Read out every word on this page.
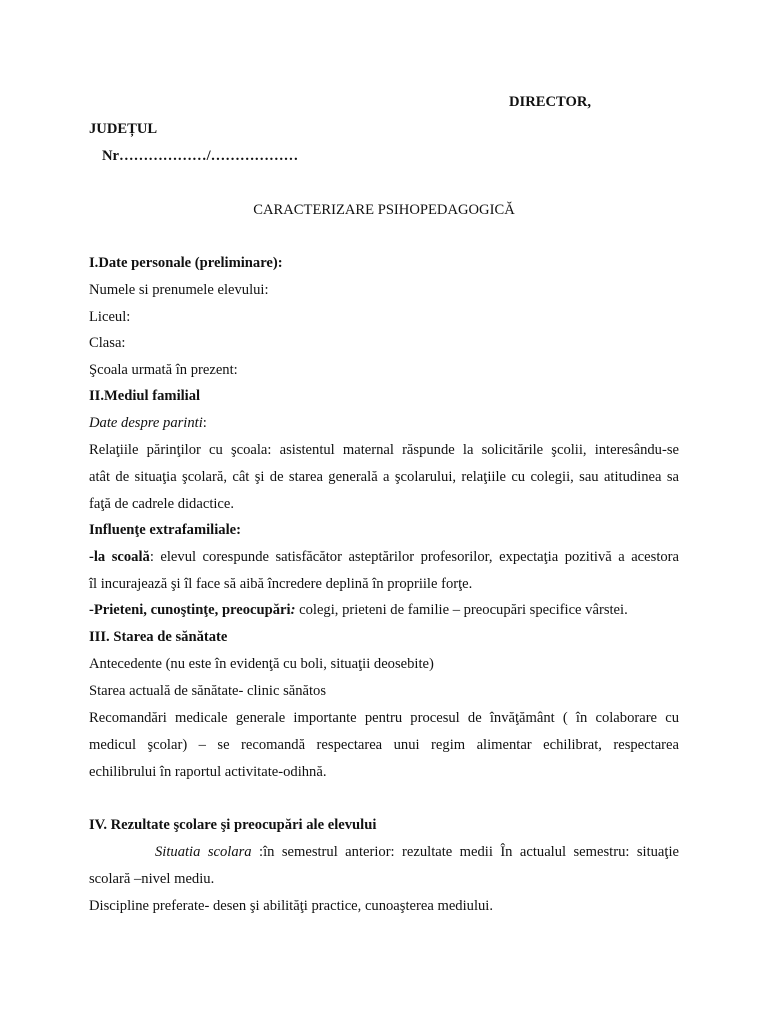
DIRECTOR,
JUDEȚUL
Nr………………/………………
CARACTERIZARE PSIHOPEDAGOGICĂ
I.Date personale (preliminare):
Numele si prenumele elevului:
Liceul:
Clasa:
Şcoala urmată în prezent:
II.Mediul familial
Date despre parinti:
Relaţiile părinţilor cu şcoala: asistentul maternal răspunde la solicitările şcolii, interesându-se
atât de situaţia şcolară, cât şi de starea generală a şcolarului, relaţiile cu colegii, sau atitudinea sa
faţă de cadrele didactice.
Influenţe extrafamiliale:
-la scoală: elevul corespunde satisfăcător asteptărilor profesorilor, expectaţia pozitivă a acestora
îl incurajează şi îl face să aibă încredere deplină în propriile forţe.
-Prieteni, cunoştinţe, preocupări: colegi, prieteni de familie – preocupări specifice vârstei.
III. Starea de sănătate
Antecedente (nu este în evidenţă cu boli, situaţii deosebite)
Starea actuală de sănătate- clinic sănătos
Recomandări medicale generale importante pentru procesul de învăţământ ( în colaborare cu
medicul şcolar) – se recomandă respectarea unui regim alimentar echilibrat, respectarea
echilibrului în raportul activitate-odihnă.
IV. Rezultate şcolare şi preocupări ale elevului
Situatia scolara :în semestrul anterior: rezultate medii În actualul semestru: situaţie
scolară –nivel mediu.
Discipline preferate- desen şi abilităţi practice, cunoaşterea mediului.
